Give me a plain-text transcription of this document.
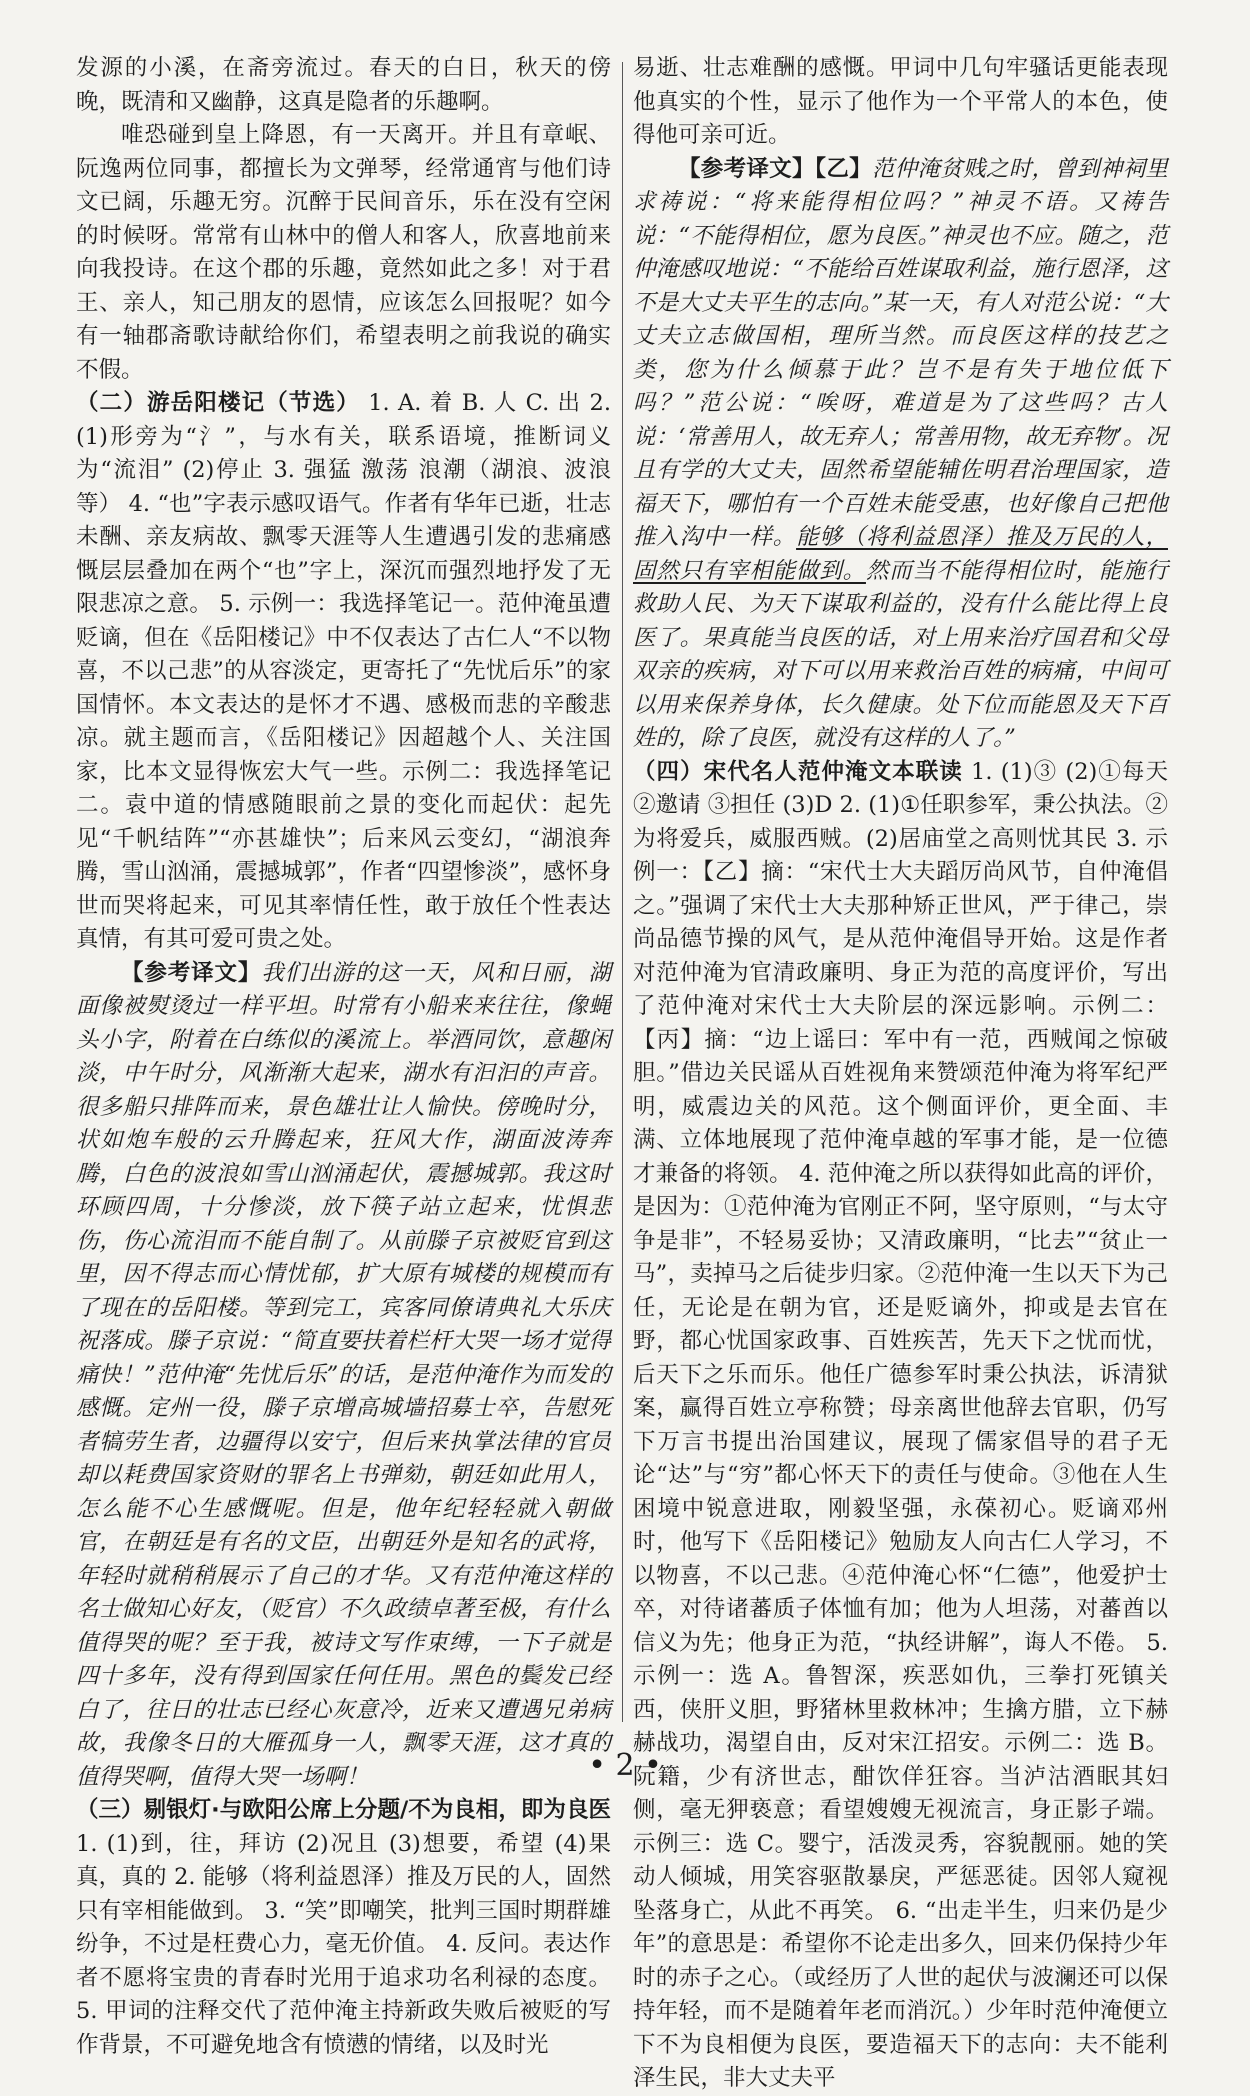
发源的小溪，在斋旁流过。春天的白日，秋天的傍晚，既清和又幽静，这真是隐者的乐趣啊。

唯恐碰到皇上降恩，有一天离开。并且有章岷、阮逸两位同事，都擅长为文弹琴，经常通宵与他们诗文已阔，乐趣无穷。沉醉于民间音乐，乐在没有空闲的时候呀。常常有山林中的僧人和客人，欣喜地前来向我投诗。在这个郡的乐趣，竟然如此之多！对于君王、亲人，知己朋友的恩情，应该怎么回报呢？如今有一轴郡斋歌诗献给你们，希望表明之前我说的确实不假。

（二）游岳阳楼记（节选） 1. A. 着 B. 人 C. 出 2. (1)形旁为“氵”，与水有关，联系语境，推断词义为“流泪” (2)停止 3. 强猛 激荡 浪潮（湖浪、波浪等） 4. “也”字表示感叹语气。作者有华年已逝，壮志未酬、亲友病故、飘零天涯等人生遭遇引发的悲痛感慨层层叠加在两个“也”字上，深沉而强烈地抒发了无限悲凉之意。 5. 示例一：我选择笔记一。范仲淹虽遭贬谪，但在《岳阳楼记》中不仅表达了古仁人“不以物喜，不以己悲”的从容淡定，更寄托了“先忧后乐”的家国情怀。本文表达的是怀才不遇、感极而悲的辛酸悲凉。就主题而言，《岳阳楼记》因超越个人、关注国家，比本文显得恢宏大气一些。示例二：我选择笔记二。袁中道的情感随眼前之景的变化而起伏：起先见“千帆结阵”“亦甚雄快”；后来风云变幻，“湖浪奔腾，雪山汹涌，震撼城郭”，作者“四望惨淡”，感怀身世而哭将起来，可见其率情任性，敢于放任个性表达真情，有其可爱可贵之处。

【参考译文】我们出游的这一天，风和日丽，湖面像被熨烫过一样平坦。时常有小船来来往往，像蝇头小字，附着在白练似的溪流上。举酒同饮，意趣闲淡，中午时分，风渐渐大起来，湖水有汩汩的声音。很多船只排阵而来，景色雄壮让人愉快。傍晚时分，状如炮车般的云升腾起来，狂风大作，湖面波涛奔腾，白色的波浪如雪山汹涌起伏，震撼城郭。我这时环顾四周，十分惨淡，放下筷子站立起来，忧惧悲伤，伤心流泪而不能自制了。从前滕子京被贬官到这里，因不得志而心情忧郁，扩大原有城楼的规模而有了现在的岳阳楼。等到完工，宾客同僚请典礼大乐庆祝落成。滕子京说：“简直要扶着栏杆大哭一场才觉得痛快！”范仲淹“先忧后乐”的话，是范仲淹作为而发的感慨。定州一役，滕子京增高城墙招募士卒，告慰死者犒劳生者，边疆得以安宁，但后来执掌法律的官员却以耗费国家资财的罪名上书弹劾，朝廷如此用人，怎么能不心生感慨呢。但是，他年纪轻轻就入朝做官，在朝廷是有名的文臣，出朝廷外是知名的武将，年轻时就稍稍展示了自己的才华。又有范仲淹这样的名士做知心好友，（贬官）不久政绩卓著至极，有什么值得哭的呢？至于我，被诗文写作束缚，一下子就是四十多年，没有得到国家任何任用。黑色的鬓发已经白了，往日的壮志已经心灰意冷，近来又遭遇兄弟病故，我像冬日的大雁孤身一人，飘零天涯，这才真的值得哭啊，值得大哭一场啊！

（三）剔银灯·与欧阳公席上分题/不为良相，即为良医 1. (1)到，往，拜访 (2)况且 (3)想要，希望 (4)果真，真的 2. 能够（将利益恩泽）推及万民的人，固然只有宰相能做到。 3. “笑”即嘲笑，批判三国时期群雄纷争，不过是枉费心力，毫无价值。 4. 反问。表达作者不愿将宝贵的青春时光用于追求功名利禄的态度。 5. 甲词的注释交代了范仲淹主持新政失败后被贬的写作背景，不可避免地含有愤懑的情绪，以及时光

易逝、壮志难酬的感慨。甲词中几句牢骚话更能表现他真实的个性，显示了他作为一个平常人的本色，使得他可亲可近。

【参考译文】【乙】范仲淹贫贱之时，曾到神祠里求祷说：“将来能得相位吗？”神灵不语。又祷告说：“不能得相位，愿为良医。”神灵也不应。随之，范仲淹感叹地说：“不能给百姓谋取利益，施行恩泽，这不是大丈夫平生的志向。”某一天，有人对范公说：“大丈夫立志做国相，理所当然。而良医这样的技艺之类，您为什么倾慕于此？岂不是有失于地位低下吗？”范公说：“唉呀，难道是为了这些吗？古人说：‘常善用人，故无弃人；常善用物，故无弃物’。况且有学的大丈夫，固然希望能辅佐明君治理国家，造福天下，哪怕有一个百姓未能受惠，也好像自己把他推入沟中一样。能够（将利益恩泽）推及万民的人，固然只有宰相能做到。然而当不能得相位时，能施行救助人民、为天下谋取利益的，没有什么能比得上良医了。果真能当良医的话，对上用来治疗国君和父母双亲的疾病，对下可以用来救治百姓的病痛，中间可以用来保养身体，长久健康。处下位而能恩及天下百姓的，除了良医，就没有这样的人了。”

（四）宋代名人范仲淹文本联读 1. (1)③ (2)①每天 ②邀请 ③担任 (3)D 2. (1)①任职参军，秉公执法。②为将爱兵，威服西贼。(2)居庙堂之高则忧其民 3. 示例一：【乙】摘：“宋代士大夫蹈厉尚风节，自仲淹倡之。”强调了宋代士大夫那种矫正世风，严于律己，崇尚品德节操的风气，是从范仲淹倡导开始。这是作者对范仲淹为官清政廉明、身正为范的高度评价，写出了范仲淹对宋代士大夫阶层的深远影响。示例二：【丙】摘：“边上谣曰：军中有一范，西贼闻之惊破胆。”借边关民谣从百姓视角来赞颂范仲淹为将军纪严明，威震边关的风范。这个侧面评价，更全面、丰满、立体地展现了范仲淹卓越的军事才能，是一位德才兼备的将领。 4. 范仲淹之所以获得如此高的评价，是因为：①范仲淹为官刚正不阿，坚守原则，“与太守争是非”，不轻易妥协；又清政廉明，“比去”“贫止一马”，卖掉马之后徒步归家。②范仲淹一生以天下为己任，无论是在朝为官，还是贬谪外，抑或是去官在野，都心忧国家政事、百姓疾苦，先天下之忧而忧，后天下之乐而乐。他任广德参军时秉公执法，诉清狱案，赢得百姓立亭称赞；母亲离世他辞去官职，仍写下万言书提出治国建议，展现了儒家倡导的君子无论“达”与“穷”都心怀天下的责任与使命。③他在人生困境中锐意进取，刚毅坚强，永葆初心。贬谪邓州时，他写下《岳阳楼记》勉励友人向古仁人学习，不以物喜，不以己悲。④范仲淹心怀“仁德”，他爱护士卒，对待诸蕃质子体恤有加；他为人坦荡，对蕃酋以信义为先；他身正为范，“执经讲解”，诲人不倦。 5. 示例一：选 A。鲁智深，疾恶如仇，三拳打死镇关西，侠肝义胆，野猪林里救林冲；生擒方腊，立下赫赫战功，渴望自由，反对宋江招安。示例二：选 B。阮籍，少有济世志，酣饮佯狂容。当泸沽酒眠其妇侧，毫无狎亵意；看望嫂嫂无视流言，身正影子端。示例三：选 C。婴宁，活泼灵秀，容貌靓丽。她的笑动人倾城，用笑容驱散暴戾，严惩恶徒。因邻人窥视坠落身亡，从此不再笑。 6. “出走半生，归来仍是少年”的意思是：希望你不论走出多久，回来仍保持少年时的赤子之心。（或经历了人世的起伏与波澜还可以保持年轻，而不是随着年老而消沉。）少年时范仲淹便立下不为良相便为良医，要造福天下的志向：夫不能利泽生民，非大丈夫平

• 2 •
